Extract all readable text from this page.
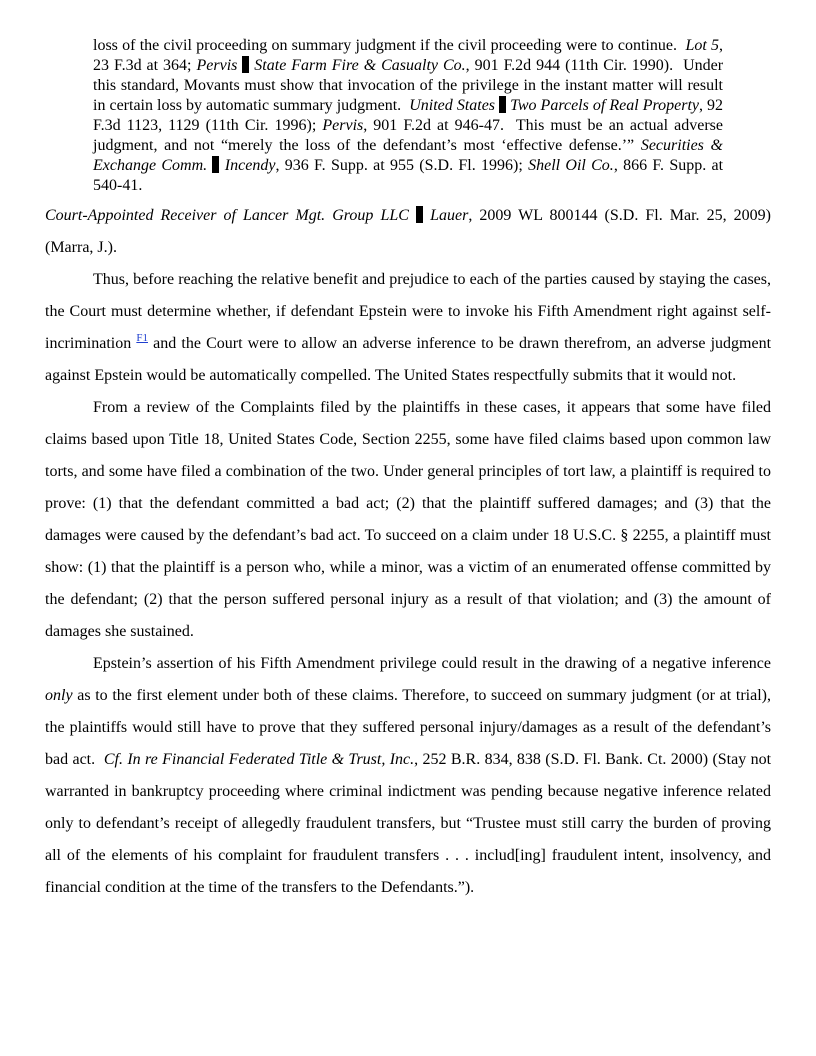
loss of the civil proceeding on summary judgment if the civil proceeding were to continue. Lot 5, 23 F.3d at 364; Pervis State Farm Fire & Casualty Co., 901 F.2d 944 (11th Cir. 1990). Under this standard, Movants must show that invocation of the privilege in the instant matter will result in certain loss by automatic summary judgment. United States Two Parcels of Real Property, 92 F.3d 1123, 1129 (11th Cir. 1996); Pervis, 901 F.2d at 946-47. This must be an actual adverse judgment, and not “merely the loss of the defendant’s most ‘effective defense.’” Securities & Exchange Comm. Incendy, 936 F. Supp. at 955 (S.D. Fl. 1996); Shell Oil Co., 866 F. Supp. at 540-41.

Court-Appointed Receiver of Lancer Mgt. Group LLC Lauer, 2009 WL 800144 (S.D. Fl. Mar. 25, 2009) (Marra, J.).

Thus, before reaching the relative benefit and prejudice to each of the parties caused by staying the cases, the Court must determine whether, if defendant Epstein were to invoke his Fifth Amendment right against self-incrimination $^{F1}$ and the Court were to allow an adverse inference to be drawn therefrom, an adverse judgment against Epstein would be automatically compelled. The United States respectfully submits that it would not.

From a review of the Complaints filed by the plaintiffs in these cases, it appears that some have filed claims based upon Title 18, United States Code, Section 2255, some have filed claims based upon common law torts, and some have filed a combination of the two. Under general principles of tort law, a plaintiff is required to prove: (1) that the defendant committed a bad act; (2) that the plaintiff suffered damages; and (3) that the damages were caused by the defendant’s bad act. To succeed on a claim under 18 U.S.C. § 2255, a plaintiff must show: (1) that the plaintiff is a person who, while a minor, was a victim of an enumerated offense committed by the defendant; (2) that the person suffered personal injury as a result of that violation; and (3) the amount of damages she sustained.

Epstein’s assertion of his Fifth Amendment privilege could result in the drawing of a negative inference only as to the first element under both of these claims. Therefore, to succeed on summary judgment (or at trial), the plaintiffs would still have to prove that they suffered personal injury/damages as a result of the defendant’s bad act. Cf. In re Financial Federated Title & Trust, Inc., 252 B.R. 834, 838 (S.D. Fl. Bank. Ct. 2000) (Stay not warranted in bankruptcy proceeding where criminal indictment was pending because negative inference related only to defendant’s receipt of allegedly fraudulent transfers, but “Trustee must still carry the burden of proving all of the elements of his complaint for fraudulent transfers . . . includ[ing] fraudulent intent, insolvency, and financial condition at the time of the transfers to the Defendants.”).
